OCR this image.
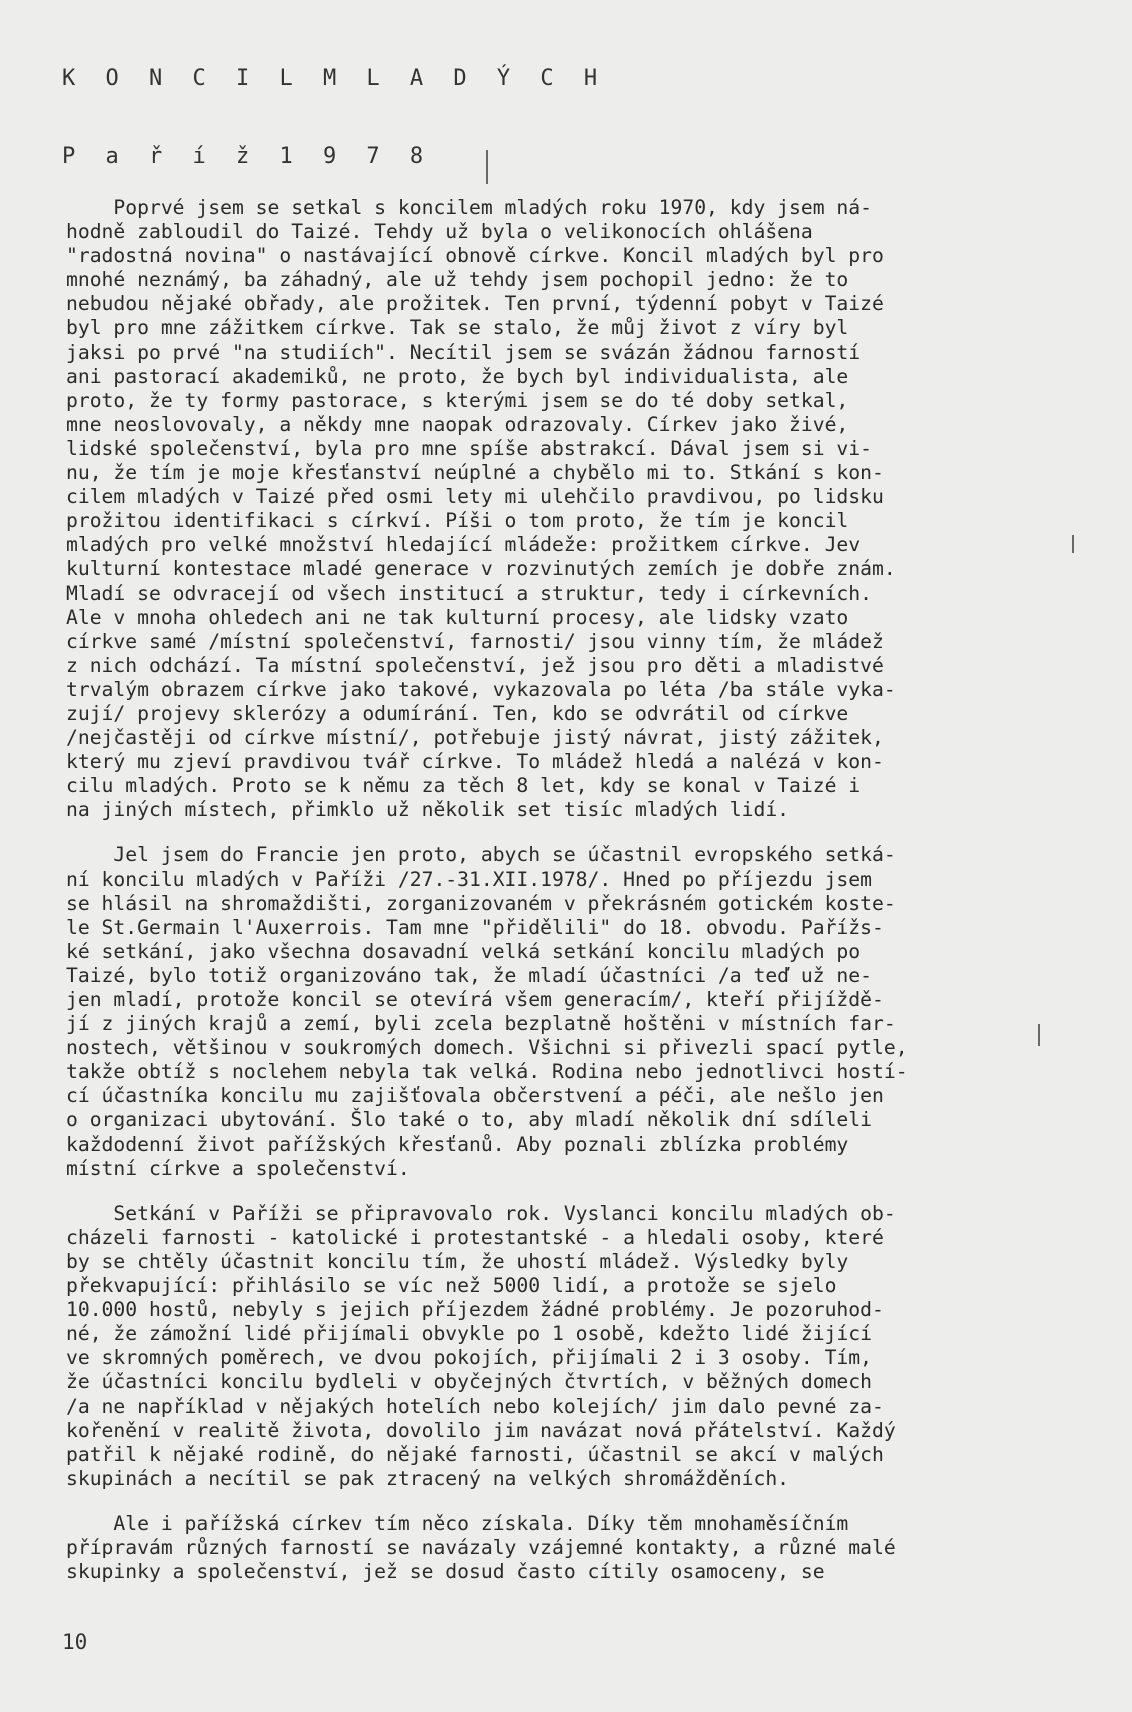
K O N C I L M L A D Ý C H
P a ř í ž 1 9 7 8
Poprvé jsem se setkal s koncilem mladých roku 1970, kdy jsem ná-
hodně zabloudil do Taizé. Tehdy už byla o velikonocích ohlášena
"radostná novina" o nastávající obnově církve. Koncil mladých byl pro
mnohé neznámý, ba záhadný, ale už tehdy jsem pochopil jedno: že to
nebudou nějaké obřady, ale prožitek. Ten první, týdenní pobyt v Taizé
byl pro mne zážitkem církve. Tak se stalo, že můj život z víry byl
jaksi po prvé "na studiích". Necítil jsem se svázán žádnou farností
ani pastorací akademiků, ne proto, že bych byl individualista, ale
proto, že ty formy pastorace, s kterými jsem se do té doby setkal,
mne neoslovovaly, a někdy mne naopak odrazovaly. Církev jako živé,
lidské společenství, byla pro mne spíše abstrakcí. Dával jsem si vi-
nu, že tím je moje křesťanství neúplné a chybělo mi to. Stkání s kon-
cilem mladých v Taizé před osmi lety mi ulehčilo pravdivou, po lidsku
prožitou identifikaci s církví. Píši o tom proto, že tím je koncil
mladých pro velké množství hledající mládeže: prožitkem církve. Jev
kulturní kontestace mladé generace v rozvinutých zemích je dobře znám.
Mladí se odvracejí od všech institucí a struktur, tedy i církevních.
Ale v mnoha ohledech ani ne tak kulturní procesy, ale lidsky vzato
církve samé /místní společenství, farnosti/ jsou vinny tím, že mládež
z nich odchází. Ta místní společenství, jež jsou pro děti a mladistvé
trvalým obrazem církve jako takové, vykazovala po léta /ba stále vyka-
zují/ projevy sklerózy a odumírání. Ten, kdo se odvrátil od církve
/nejčastěji od církve místní/, potřebuje jistý návrat, jistý zážitek,
který mu zjeví pravdivou tvář církve. To mládež hledá a nalézá v kon-
cilu mladých. Proto se k němu za těch 8 let, kdy se konal v Taizé i
na jiných místech, přimklo už několik set tisíc mladých lidí.
Jel jsem do Francie jen proto, abych se účastnil evropského setká-
ní koncilu mladých v Paříži /27.-31.XII.1978/. Hned po příjezdu jsem
se hlásil na shromaždišti, zorganizovaném v překrásném gotickém koste-
le St.Germain l'Auxerrois. Tam mne "přidělili" do 18. obvodu. Pařížs-
ké setkání, jako všechna dosavadní velká setkání koncilu mladých po
Taizé, bylo totiž organizováno tak, že mladí účastníci /a teď už ne-
jen mladí, protože koncil se otevírá všem generacím/, kteří přijíždě-
jí z jiných krajů a zemí, byli zcela bezplatně hoštěni v místních far-
nostech, většinou v soukromých domech. Všichni si přivezli spací pytle,
takže obtíž s noclehem nebyla tak velká. Rodina nebo jednotlivci hostí-
cí účastníka koncilu mu zajišťovala občerstvení a péči, ale nešlo jen
o organizaci ubytování. Šlo také o to, aby mladí několik dní sdíleli
každodenní život pařížských křesťanů. Aby poznali zblízka problémy
místní církve a společenství.
Setkání v Paříži se připravovalo rok. Vyslanci koncilu mladých ob-
cházeli farnosti - katolické i protestantské - a hledali osoby, které
by se chtěly účastnit koncilu tím, že uhostí mládež. Výsledky byly
překvapující: přihlásilo se víc než 5000 lidí, a protože se sjelo
10.000 hostů, nebyly s jejich příjezdem žádné problémy. Je pozoruhod-
né, že zámožní lidé přijímali obvykle po 1 osobě, kdežto lidé žijící
ve skromných poměrech, ve dvou pokojích, přijímali 2 i 3 osoby. Tím,
že účastníci koncilu bydleli v obyčejných čtvrtích, v běžných domech
/a ne například v nějakých hotelích nebo kolejích/ jim dalo pevné za-
kořenění v realitě života, dovolilo jim navázat nová přátelství. Každý
patřil k nějaké rodině, do nějaké farnosti, účastnil se akcí v malých
skupinách a necítil se pak ztracený na velkých shromážděních.
Ale i pařížská církev tím něco získala. Díky těm mnohaměsíčním
přípravám různých farností se navázaly vzájemné kontakty, a různé malé
skupinky a společenství, jež se dosud často cítily osamoceny, se
10
